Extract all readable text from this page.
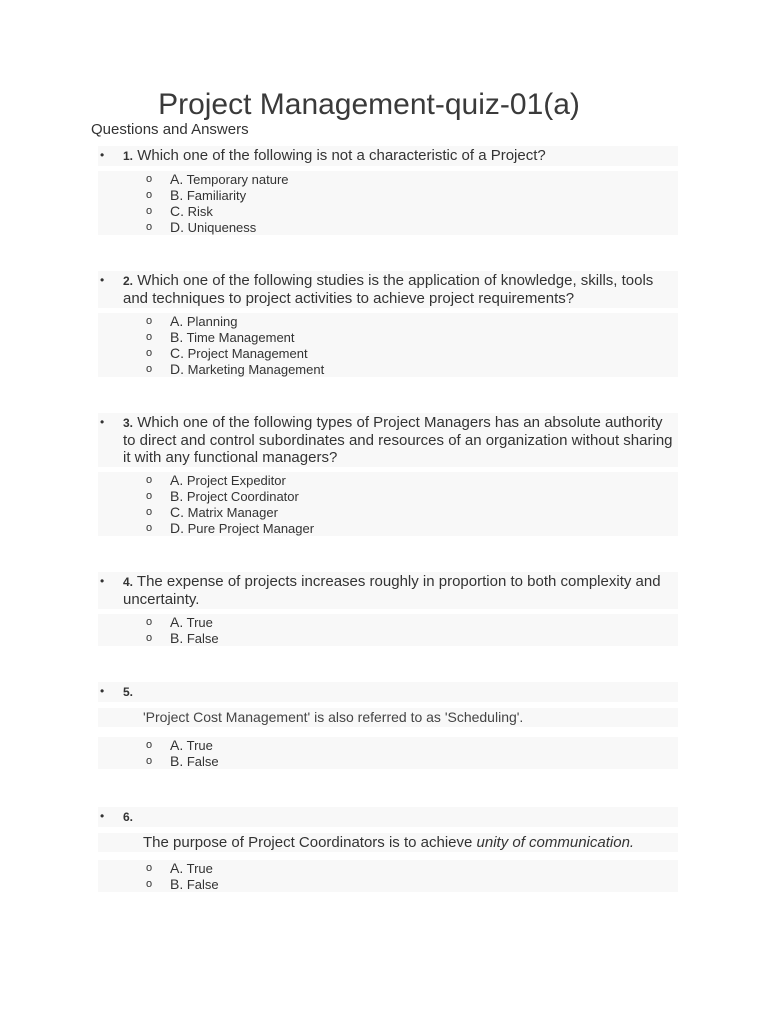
Project Management-quiz-01(a)
Questions and Answers
• 1. Which one of the following is not a characteristic of a Project?
o A. Temporary nature
o B. Familiarity
o C. Risk
o D. Uniqueness
• 2. Which one of the following studies is the application of knowledge, skills, tools and techniques to project activities to achieve project requirements?
o A. Planning
o B. Time Management
o C. Project Management
o D. Marketing Management
• 3. Which one of the following types of Project Managers has an absolute authority to direct and control subordinates and resources of an organization without sharing it with any functional managers?
o A. Project Expeditor
o B. Project Coordinator
o C. Matrix Manager
o D. Pure Project Manager
• 4. The expense of projects increases roughly in proportion to both complexity and uncertainty.
o A. True
o B. False
• 5.
'Project Cost Management' is also referred to as 'Scheduling'.
o A. True
o B. False
• 6.
The purpose of Project Coordinators is to achieve unity of communication.
o A. True
o B. False
